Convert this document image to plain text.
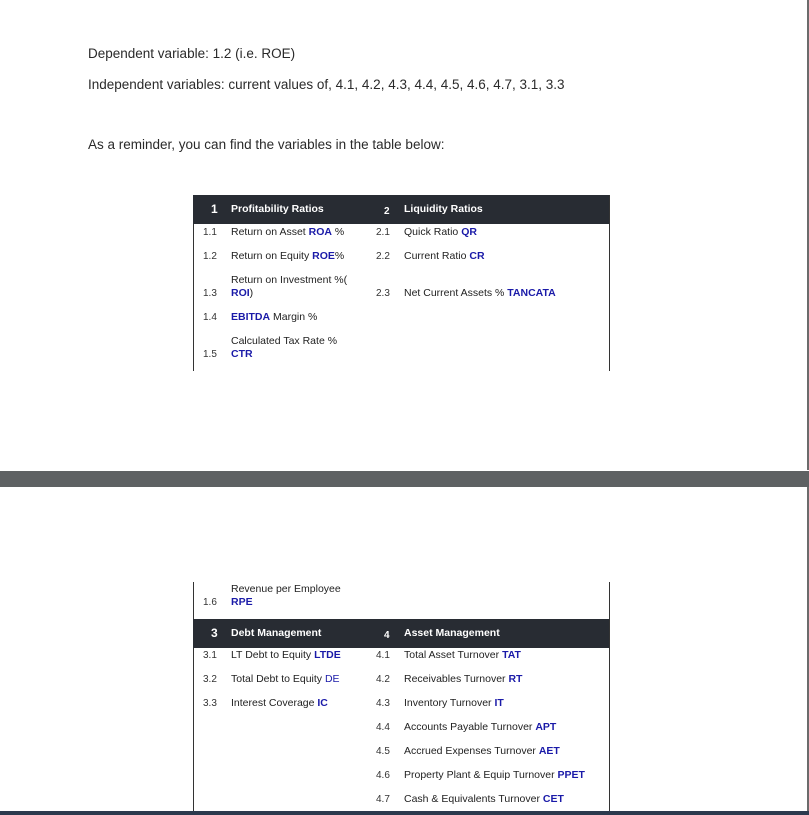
Dependent variable: 1.2 (i.e. ROE)
Independent variables: current values of, 4.1, 4.2, 4.3, 4.4, 4.5, 4.6, 4.7, 3.1, 3.3
As a reminder, you can find the variables in the table below:
1 Profitability Ratios	2 Liquidity Ratios
1.1 Return on Asset ROA %
1.2 Return on Equity ROE%
1.3
Return on Investment %(
ROI)
1.4 EBITDA Margin %
1.5
Calculated Tax Rate %
CTR
2.1 Quick Ratio QR
2.2 Current Ratio CR
2.3 Net Current Assets % TANCATA
1.6
Revenue per Employee
RPE
3 Debt Management	4 Asset Management
3.1 LT Debt to Equity LTDE
3.2 Total Debt to Equity DE
3.3 Interest Coverage IC
4.1 Total Asset Turnover TAT
4.2 Receivables Turnover RT
4.3 Inventory Turnover IT
4.4 Accounts Payable Turnover APT
4.5 Accrued Expenses Turnover AET
4.6 Property Plant & Equip Turnover PPET
4.7 Cash & Equivalents Turnover CET
